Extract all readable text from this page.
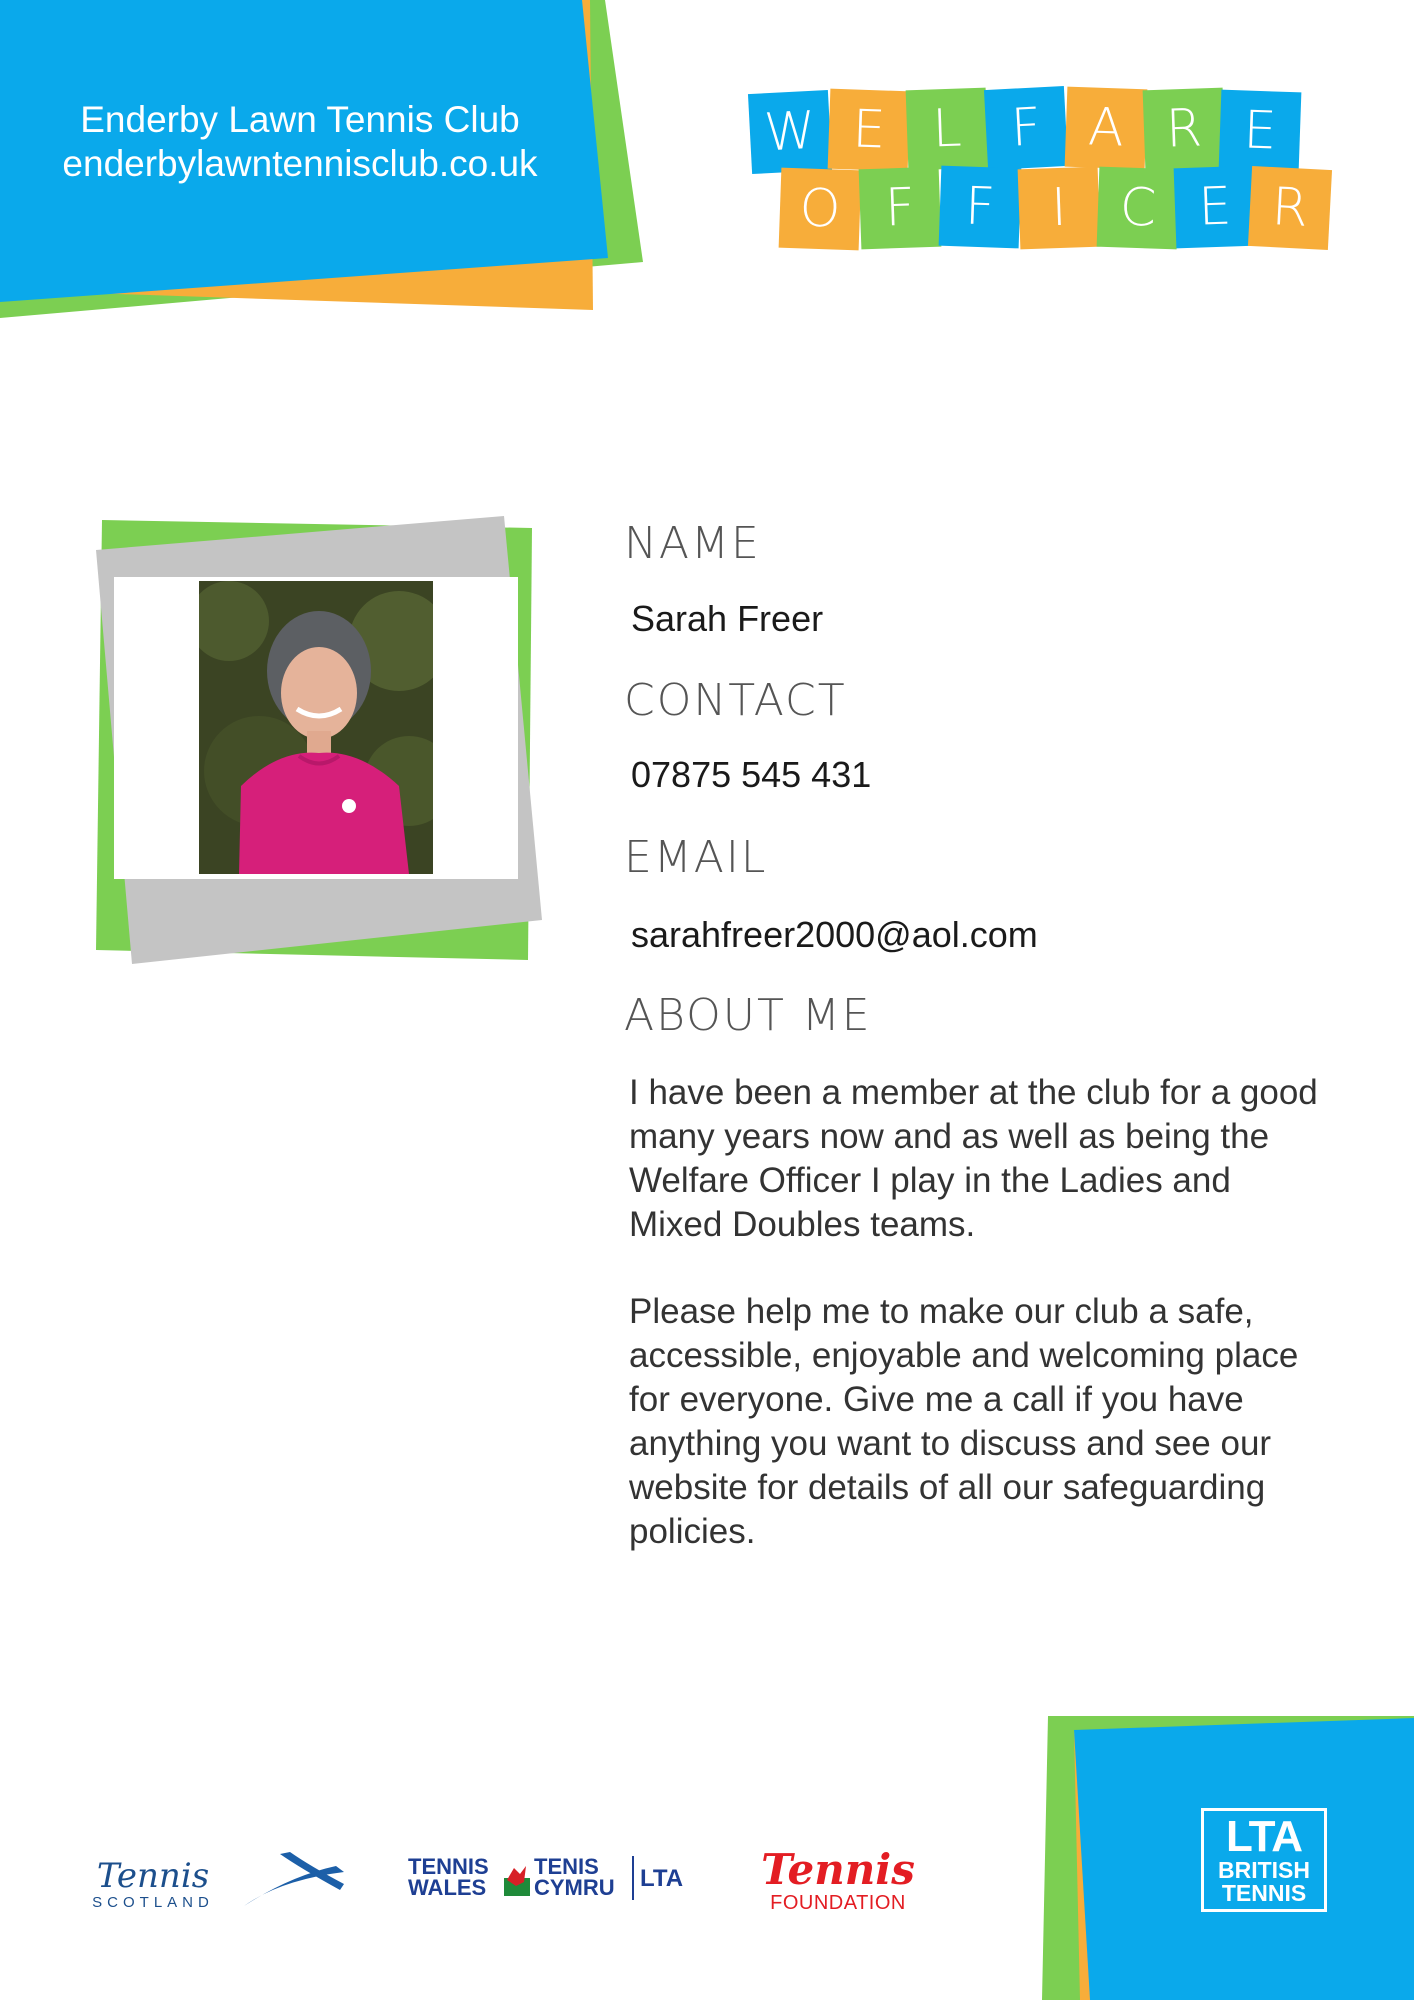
Enderby Lawn Tennis Club
enderbylawntennisclub.co.uk
W E L F A R E
O F F	I C E R
NAME
Sarah Freer
CONTACT
07875 545 431
EMAIL
sarahfreer2000@aol.com
ABOUT ME
I have been a member at the club for a good many years now and as well as being the Welfare Officer I play in the Ladies and Mixed Doubles teams.
Please help me to make our club a safe, accessible, enjoyable and welcoming place for everyone. Give me a call if you have anything you want to discuss and see our website for details of all our safeguarding policies.
LTA
BRITISH
TENNIS
Tennis
SCOTLAND
TENNIS
WALES
TENIS
CYMRU LTA Tennis
FOUNDATION
